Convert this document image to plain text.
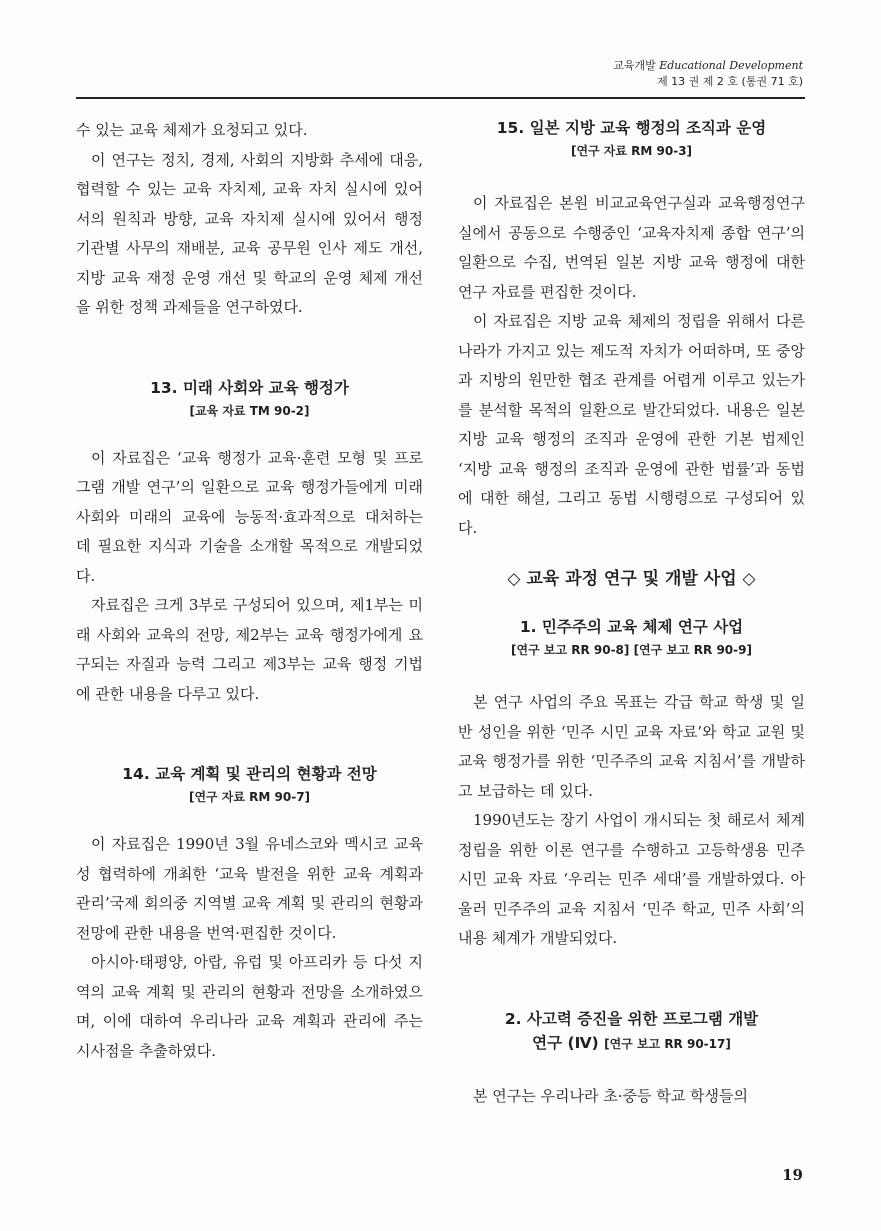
교육개발 Educational Development
제 13 권 제 2 호 (통권 71 호)

수 있는 교육 체제가 요청되고 있다.

이 연구는 정치, 경제, 사회의 지방화 추세에 대응, 협력할 수 있는 교육 자치제, 교육 자치 실시에 있어서의 원칙과 방향, 교육 자치제 실시에 있어서 행정 기관별 사무의 재배분, 교육 공무원 인사 제도 개선, 지방 교육 재정 운영 개선 및 학교의 운영 체제 개선을 위한 정책 과제들을 연구하였다.

13. 미래 사회와 교육 행정가
[교육 자료 TM 90-2]

이 자료집은 ‘교육 행정가 교육·훈련 모형 및 프로그램 개발 연구’의 일환으로 교육 행정가들에게 미래 사회와 미래의 교육에 능동적·효과적으로 대처하는 데 필요한 지식과 기술을 소개할 목적으로 개발되었다.

자료집은 크게 3부로 구성되어 있으며, 제1부는 미래 사회와 교육의 전망, 제2부는 교육 행정가에게 요구되는 자질과 능력 그리고 제3부는 교육 행정 기법에 관한 내용을 다루고 있다.

14. 교육 계획 및 관리의 현황과 전망
[연구 자료 RM 90-7]

이 자료집은 1990년 3월 유네스코와 멕시코 교육성 협력하에 개최한 ‘교육 발전을 위한 교육 계획과 관리’국제 회의중 지역별 교육 계획 및 관리의 현황과 전망에 관한 내용을 번역·편집한 것이다.

아시아·태평양, 아랍, 유럽 및 아프리카 등 다섯 지역의 교육 계획 및 관리의 현황과 전망을 소개하였으며, 이에 대하여 우리나라 교육 계획과 관리에 주는 시사점을 추출하였다.

15. 일본 지방 교육 행정의 조직과 운영
[연구 자료 RM 90-3]

이 자료집은 본원 비교교육연구실과 교육행정연구실에서 공동으로 수행중인 ‘교육자치제 종합 연구’의 일환으로 수집, 번역된 일본 지방 교육 행정에 대한 연구 자료를 편집한 것이다.

이 자료집은 지방 교육 체제의 정립을 위해서 다른 나라가 가지고 있는 제도적 자치가 어떠하며, 또 중앙과 지방의 원만한 협조 관계를 어렵게 이루고 있는가를 분석할 목적의 일환으로 발간되었다. 내용은 일본 지방 교육 행정의 조직과 운영에 관한 기본 법제인 ‘지방 교육 행정의 조직과 운영에 관한 법률’과 동법에 대한 해설, 그리고 동법 시행령으로 구성되어 있다.

◇ 교육 과정 연구 및 개발 사업 ◇
1. 민주주의 교육 체제 연구 사업
[연구 보고 RR 90-8] [연구 보고 RR 90-9]

본 연구 사업의 주요 목표는 각급 학교 학생 및 일반 성인을 위한 ‘민주 시민 교육 자료’와 학교 교원 및 교육 행정가를 위한 ‘민주주의 교육 지침서’를 개발하고 보급하는 데 있다.

1990년도는 장기 사업이 개시되는 첫 해로서 체계 정립을 위한 이론 연구를 수행하고 고등학생용 민주 시민 교육 자료 ‘우리는 민주 세대’를 개발하였다. 아울러 민주주의 교육 지침서 ‘민주 학교, 민주 사회’의 내용 체계가 개발되었다.

2. 사고력 증진을 위한 프로그램 개발
연구 (Ⅳ) [연구 보고 RR 90-17]

본 연구는 우리나라 초·중등 학교 학생들의

19
